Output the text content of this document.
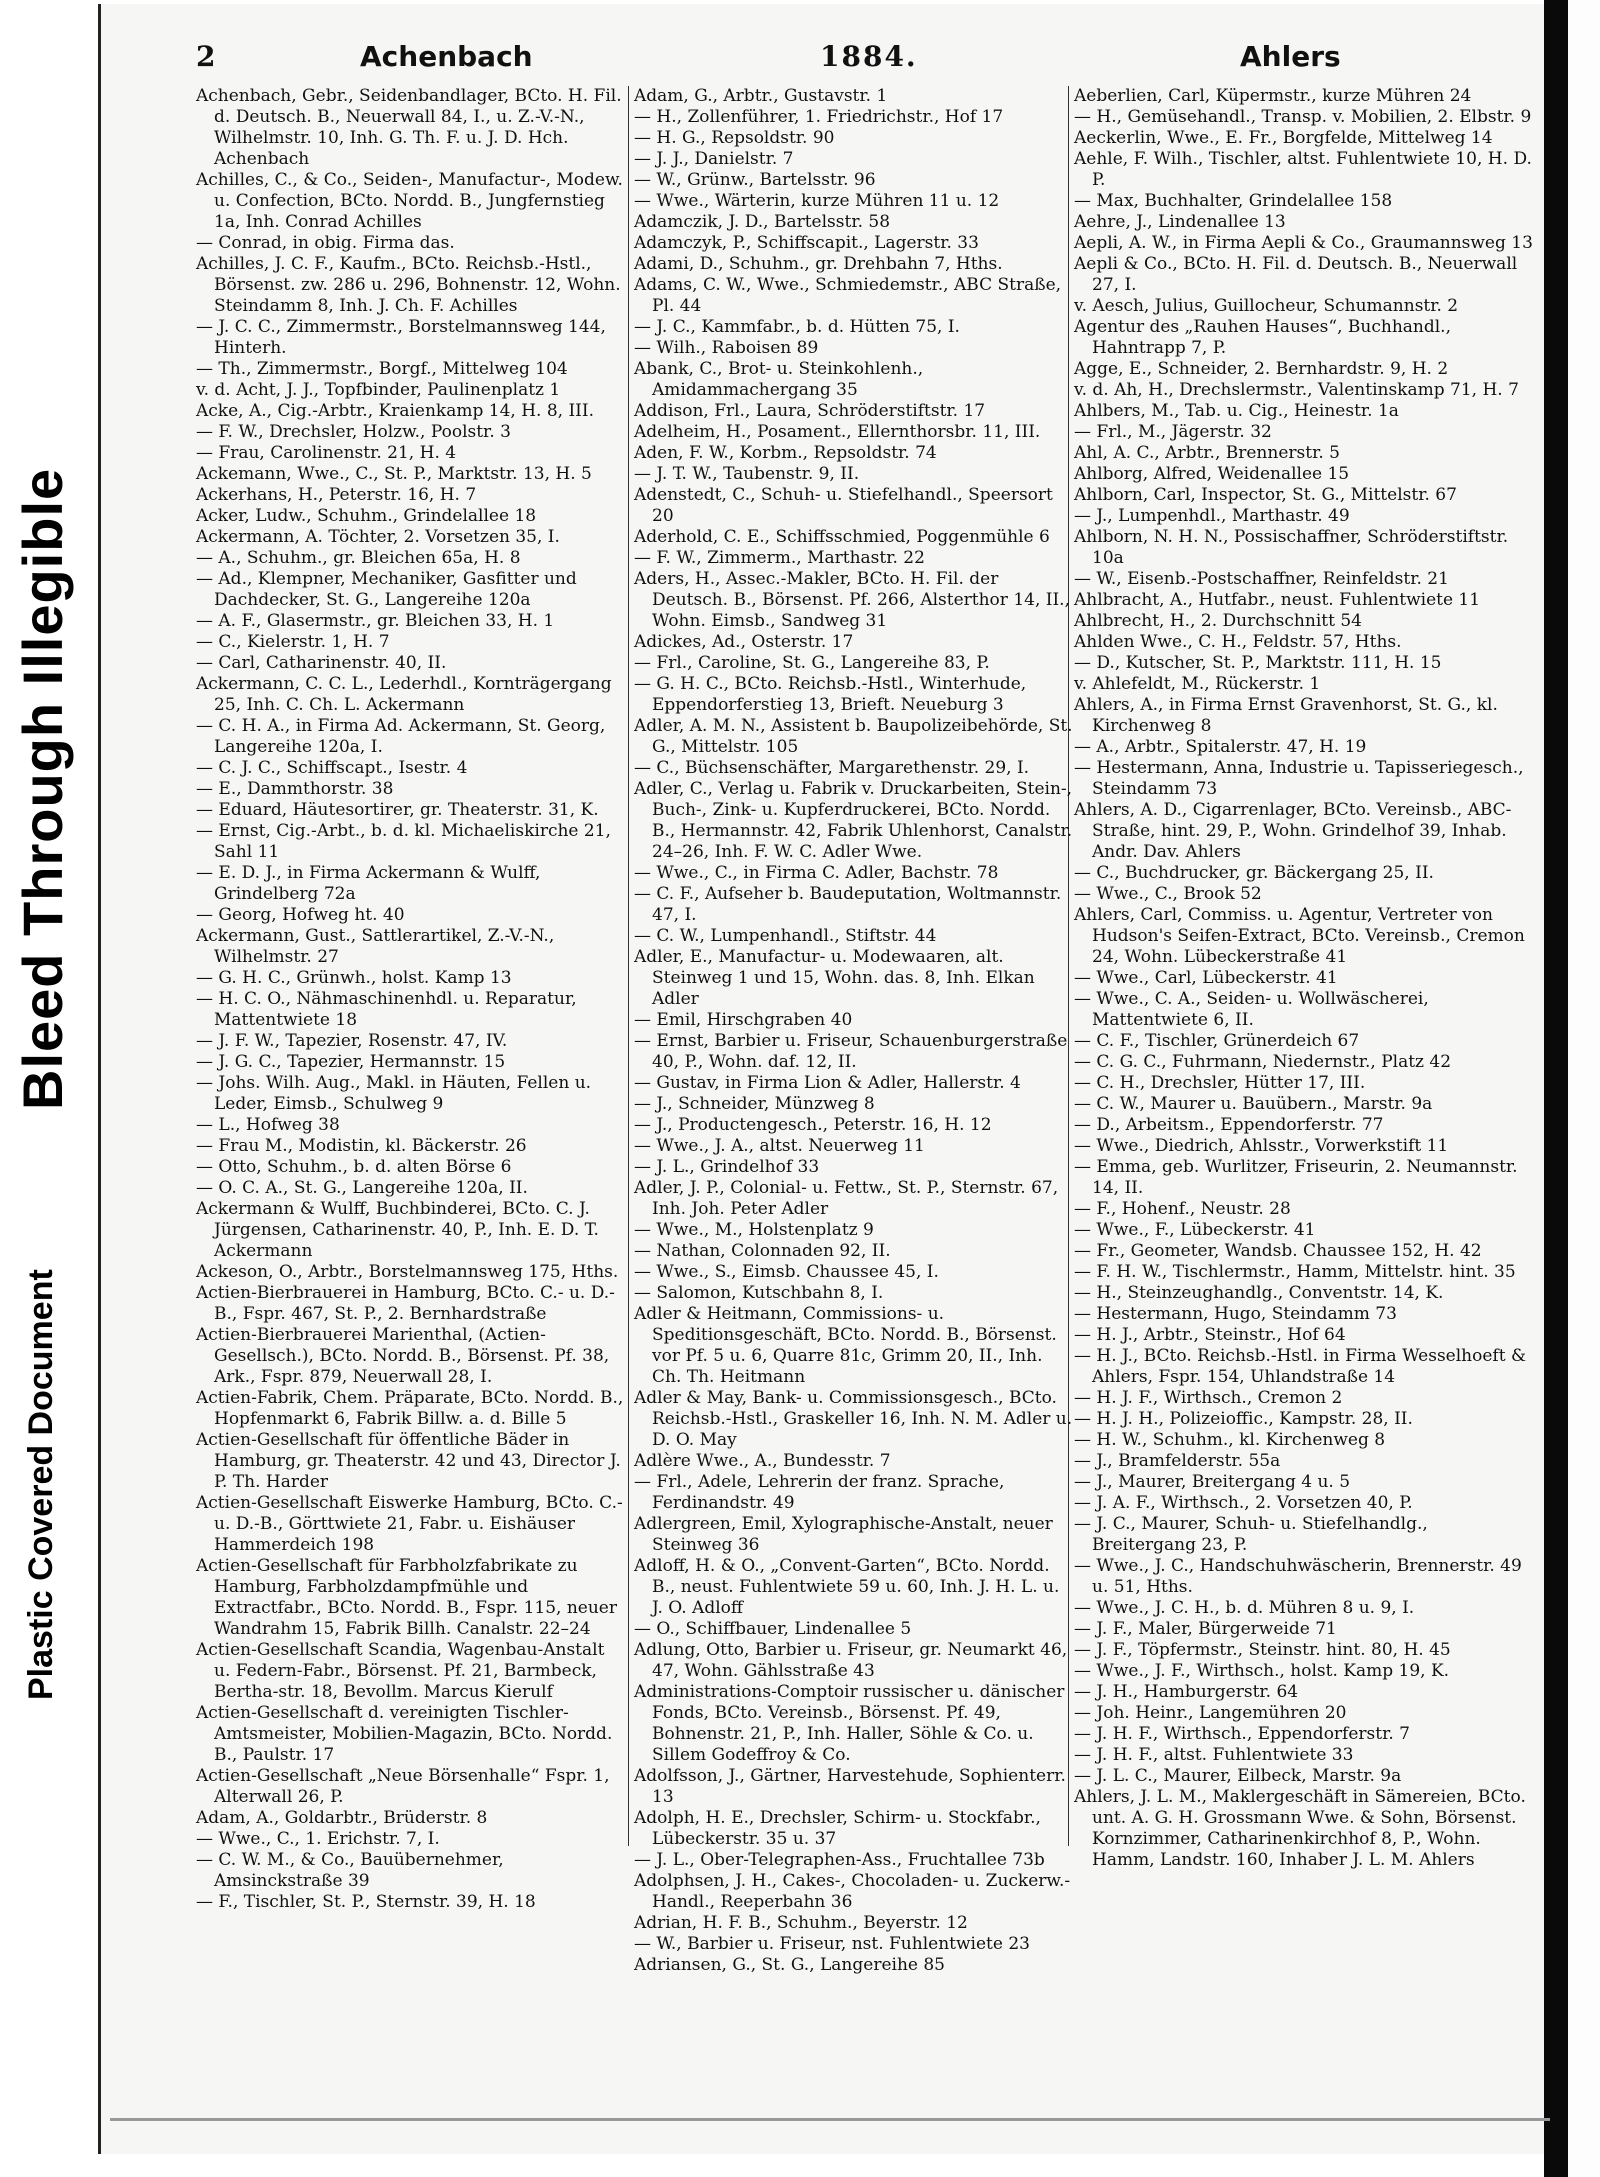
Bleed Through Illegible
Plastic Covered Document
2	Achenbach	1884.	Ahlers

Achenbach, Gebr., Seidenbandlager, BCto. H. Fil. d. Deutsch. B., Neuerwall 84, I., u. Z.-V.-N., Wilhelmstr. 10, Inh. G. Th. F. u. J. D. Hch. Achenbach

Achilles, C., & Co., Seiden-, Manufactur-, Modew. u. Confection, BCto. Nordd. B., Jungfernstieg 1a, Inh. Conrad Achilles

— Conrad, in obig. Firma das.

Achilles, J. C. F., Kaufm., BCto. Reichsb.-Hstl., Börsenst. zw. 286 u. 296, Bohnenstr. 12, Wohn. Steindamm 8, Inh. J. Ch. F. Achilles

— J. C. C., Zimmermstr., Borstelmannsweg 144, Hinterh.

— Th., Zimmermstr., Borgf., Mittelweg 104

v. d. Acht, J. J., Topfbinder, Paulinenplatz 1

Acke, A., Cig.-Arbtr., Kraienkamp 14, H. 8, III.

— F. W., Drechsler, Holzw., Poolstr. 3

— Frau, Carolinenstr. 21, H. 4

Ackemann, Wwe., C., St. P., Marktstr. 13, H. 5

Ackerhans, H., Peterstr. 16, H. 7

Acker, Ludw., Schuhm., Grindelallee 18

Ackermann, A. Töchter, 2. Vorsetzen 35, I.

— A., Schuhm., gr. Bleichen 65a, H. 8

— Ad., Klempner, Mechaniker, Gasfitter und Dachdecker, St. G., Langereihe 120a

— A. F., Glasermstr., gr. Bleichen 33, H. 1

— C., Kielerstr. 1, H. 7

— Carl, Catharinenstr. 40, II.

Ackermann, C. C. L., Lederhdl., Kornträgergang 25, Inh. C. Ch. L. Ackermann

— C. H. A., in Firma Ad. Ackermann, St. Georg, Langereihe 120a, I.

— C. J. C., Schiffscapt., Isestr. 4

— E., Dammthorstr. 38

— Eduard, Häutesortirer, gr. Theaterstr. 31, K.

— Ernst, Cig.-Arbt., b. d. kl. Michaeliskirche 21, Sahl 11

— E. D. J., in Firma Ackermann & Wulff, Grindelberg 72a

— Georg, Hofweg ht. 40

Ackermann, Gust., Sattlerartikel, Z.-V.-N., Wilhelmstr. 27

— G. H. C., Grünwh., holst. Kamp 13

— H. C. O., Nähmaschinenhdl. u. Reparatur, Mattentwiete 18

— J. F. W., Tapezier, Rosenstr. 47, IV.

— J. G. C., Tapezier, Hermannstr. 15

— Johs. Wilh. Aug., Makl. in Häuten, Fellen u. Leder, Eimsb., Schulweg 9

— L., Hofweg 38

— Frau M., Modistin, kl. Bäckerstr. 26

— Otto, Schuhm., b. d. alten Börse 6

— O. C. A., St. G., Langereihe 120a, II.

Ackermann & Wulff, Buchbinderei, BCto. C. J. Jürgensen, Catharinenstr. 40, P., Inh. E. D. T. Ackermann

Ackeson, O., Arbtr., Borstelmannsweg 175, Hths.

Actien-Bierbrauerei in Hamburg, BCto. C.- u. D.-B., Fspr. 467, St. P., 2. Bernhardstraße

Actien-Bierbrauerei Marienthal, (Actien-Gesellsch.), BCto. Nordd. B., Börsenst. Pf. 38, Ark., Fspr. 879, Neuerwall 28, I.

Actien-Fabrik, Chem. Präparate, BCto. Nordd. B., Hopfenmarkt 6, Fabrik Billw. a. d. Bille 5

Actien-Gesellschaft für öffentliche Bäder in Hamburg, gr. Theaterstr. 42 und 43, Director J. P. Th. Harder

Actien-Gesellschaft Eiswerke Hamburg, BCto. C.- u. D.-B., Görttwiete 21, Fabr. u. Eishäuser Hammerdeich 198

Actien-Gesellschaft für Farbholzfabrikate zu Hamburg, Farbholzdampfmühle und Extractfabr., BCto. Nordd. B., Fspr. 115, neuer Wandrahm 15, Fabrik Billh. Canalstr. 22–24

Actien-Gesellschaft Scandia, Wagenbau-Anstalt u. Federn-Fabr., Börsenst. Pf. 21, Barmbeck, Bertha-str. 18, Bevollm. Marcus Kierulf

Actien-Gesellschaft d. vereinigten Tischler-Amtsmeister, Mobilien-Magazin, BCto. Nordd. B., Paulstr. 17

Actien-Gesellschaft „Neue Börsenhalle“ Fspr. 1, Alterwall 26, P.

Adam, A., Goldarbtr., Brüderstr. 8

— Wwe., C., 1. Erichstr. 7, I.

— C. W. M., & Co., Bauübernehmer, Amsinckstraße 39

— F., Tischler, St. P., Sternstr. 39, H. 18

Adam, G., Arbtr., Gustavstr. 1

— H., Zollenführer, 1. Friedrichstr., Hof 17

— H. G., Repsoldstr. 90

— J. J., Danielstr. 7

— W., Grünw., Bartelsstr. 96

— Wwe., Wärterin, kurze Mühren 11 u. 12

Adamczik, J. D., Bartelsstr. 58

Adamczyk, P., Schiffscapit., Lagerstr. 33

Adami, D., Schuhm., gr. Drehbahn 7, Hths.

Adams, C. W., Wwe., Schmiedemstr., ABC Straße, Pl. 44

— J. C., Kammfabr., b. d. Hütten 75, I.

— Wilh., Raboisen 89

Abank, C., Brot- u. Steinkohlenh., Amidammachergang 35

Addison, Frl., Laura, Schröderstiftstr. 17

Adelheim, H., Posament., Ellernthorsbr. 11, III.

Aden, F. W., Korbm., Repsoldstr. 74

— J. T. W., Taubenstr. 9, II.

Adenstedt, C., Schuh- u. Stiefelhandl., Speersort 20

Aderhold, C. E., Schiffsschmied, Poggenmühle 6

— F. W., Zimmerm., Marthastr. 22

Aders, H., Assec.-Makler, BCto. H. Fil. der Deutsch. B., Börsenst. Pf. 266, Alsterthor 14, II., Wohn. Eimsb., Sandweg 31

Adickes, Ad., Osterstr. 17

— Frl., Caroline, St. G., Langereihe 83, P.

— G. H. C., BCto. Reichsb.-Hstl., Winterhude, Eppendorferstieg 13, Brieft. Neueburg 3

Adler, A. M. N., Assistent b. Baupolizeibehörde, St. G., Mittelstr. 105

— C., Büchsenschäfter, Margarethenstr. 29, I.

Adler, C., Verlag u. Fabrik v. Druckarbeiten, Stein-, Buch-, Zink- u. Kupferdruckerei, BCto. Nordd. B., Hermannstr. 42, Fabrik Uhlenhorst, Canalstr. 24–26, Inh. F. W. C. Adler Wwe.

— Wwe., C., in Firma C. Adler, Bachstr. 78

— C. F., Aufseher b. Baudeputation, Woltmannstr. 47, I.

— C. W., Lumpenhandl., Stiftstr. 44

Adler, E., Manufactur- u. Modewaaren, alt. Steinweg 1 und 15, Wohn. das. 8, Inh. Elkan Adler

— Emil, Hirschgraben 40

— Ernst, Barbier u. Friseur, Schauenburgerstraße 40, P., Wohn. daf. 12, II.

— Gustav, in Firma Lion & Adler, Hallerstr. 4

— J., Schneider, Münzweg 8

— J., Productengesch., Peterstr. 16, H. 12

— Wwe., J. A., altst. Neuerweg 11

— J. L., Grindelhof 33

Adler, J. P., Colonial- u. Fettw., St. P., Sternstr. 67, Inh. Joh. Peter Adler

— Wwe., M., Holstenplatz 9

— Nathan, Colonnaden 92, II.

— Wwe., S., Eimsb. Chaussee 45, I.

— Salomon, Kutschbahn 8, I.

Adler & Heitmann, Commissions- u. Speditionsgeschäft, BCto. Nordd. B., Börsenst. vor Pf. 5 u. 6, Quarre 81c, Grimm 20, II., Inh. Ch. Th. Heitmann

Adler & May, Bank- u. Commissionsgesch., BCto. Reichsb.-Hstl., Graskeller 16, Inh. N. M. Adler u. D. O. May

Adlère Wwe., A., Bundesstr. 7

— Frl., Adele, Lehrerin der franz. Sprache, Ferdinandstr. 49

Adlergreen, Emil, Xylographische-Anstalt, neuer Steinweg 36

Adloff, H. & O., „Convent-Garten“, BCto. Nordd. B., neust. Fuhlentwiete 59 u. 60, Inh. J. H. L. u. J. O. Adloff

— O., Schiffbauer, Lindenallee 5

Adlung, Otto, Barbier u. Friseur, gr. Neumarkt 46, 47, Wohn. Gählsstraße 43

Administrations-Comptoir russischer u. dänischer Fonds, BCto. Vereinsb., Börsenst. Pf. 49, Bohnenstr. 21, P., Inh. Haller, Söhle & Co. u. Sillem Godeffroy & Co.

Adolfsson, J., Gärtner, Harvestehude, Sophienterr. 13

Adolph, H. E., Drechsler, Schirm- u. Stockfabr., Lübeckerstr. 35 u. 37

— J. L., Ober-Telegraphen-Ass., Fruchtallee 73b

Adolphsen, J. H., Cakes-, Chocoladen- u. Zuckerw.-Handl., Reeperbahn 36

Adrian, H. F. B., Schuhm., Beyerstr. 12

— W., Barbier u. Friseur, nst. Fuhlentwiete 23

Adriansen, G., St. G., Langereihe 85

Aeberlien, Carl, Küpermstr., kurze Mühren 24

— H., Gemüsehandl., Transp. v. Mobilien, 2. Elbstr. 9

Aeckerlin, Wwe., E. Fr., Borgfelde, Mittelweg 14

Aehle, F. Wilh., Tischler, altst. Fuhlentwiete 10, H. D. P.

— Max, Buchhalter, Grindelallee 158

Aehre, J., Lindenallee 13

Aepli, A. W., in Firma Aepli & Co., Graumannsweg 13

Aepli & Co., BCto. H. Fil. d. Deutsch. B., Neuerwall 27, I.

v. Aesch, Julius, Guillocheur, Schumannstr. 2

Agentur des „Rauhen Hauses“, Buchhandl., Hahntrapp 7, P.

Agge, E., Schneider, 2. Bernhardstr. 9, H. 2

v. d. Ah, H., Drechslermstr., Valentinskamp 71, H. 7

Ahlbers, M., Tab. u. Cig., Heinestr. 1a

— Frl., M., Jägerstr. 32

Ahl, A. C., Arbtr., Brennerstr. 5

Ahlborg, Alfred, Weidenallee 15

Ahlborn, Carl, Inspector, St. G., Mittelstr. 67

— J., Lumpenhdl., Marthastr. 49

Ahlborn, N. H. N., Possischaffner, Schröderstiftstr. 10a

— W., Eisenb.-Postschaffner, Reinfeldstr. 21

Ahlbracht, A., Hutfabr., neust. Fuhlentwiete 11

Ahlbrecht, H., 2. Durchschnitt 54

Ahlden Wwe., C. H., Feldstr. 57, Hths.

— D., Kutscher, St. P., Marktstr. 111, H. 15

v. Ahlefeldt, M., Rückerstr. 1

Ahlers, A., in Firma Ernst Gravenhorst, St. G., kl. Kirchenweg 8

— A., Arbtr., Spitalerstr. 47, H. 19

— Hestermann, Anna, Industrie u. Tapisseriegesch., Steindamm 73

Ahlers, A. D., Cigarrenlager, BCto. Vereinsb., ABC-Straße, hint. 29, P., Wohn. Grindelhof 39, Inhab. Andr. Dav. Ahlers

— C., Buchdrucker, gr. Bäckergang 25, II.

— Wwe., C., Brook 52

Ahlers, Carl, Commiss. u. Agentur, Vertreter von Hudson's Seifen-Extract, BCto. Vereinsb., Cremon 24, Wohn. Lübeckerstraße 41

— Wwe., Carl, Lübeckerstr. 41

— Wwe., C. A., Seiden- u. Wollwäscherei, Mattentwiete 6, II.

— C. F., Tischler, Grünerdeich 67

— C. G. C., Fuhrmann, Niedernstr., Platz 42

— C. H., Drechsler, Hütter 17, III.

— C. W., Maurer u. Bauübern., Marstr. 9a

— D., Arbeitsm., Eppendorferstr. 77

— Wwe., Diedrich, Ahlsstr., Vorwerkstift 11

— Emma, geb. Wurlitzer, Friseurin, 2. Neumannstr. 14, II.

— F., Hohenf., Neustr. 28

— Wwe., F., Lübeckerstr. 41

— Fr., Geometer, Wandsb. Chaussee 152, H. 42

— F. H. W., Tischlermstr., Hamm, Mittelstr. hint. 35

— H., Steinzeughandlg., Conventstr. 14, K.

— Hestermann, Hugo, Steindamm 73

— H. J., Arbtr., Steinstr., Hof 64

— H. J., BCto. Reichsb.-Hstl. in Firma Wesselhoeft & Ahlers, Fspr. 154, Uhlandstraße 14

— H. J. F., Wirthsch., Cremon 2

— H. J. H., Polizeioffic., Kampstr. 28, II.

— H. W., Schuhm., kl. Kirchenweg 8

— J., Bramfelderstr. 55a

— J., Maurer, Breitergang 4 u. 5

— J. A. F., Wirthsch., 2. Vorsetzen 40, P.

— J. C., Maurer, Schuh- u. Stiefelhandlg., Breitergang 23, P.

— Wwe., J. C., Handschuhwäscherin, Brennerstr. 49 u. 51, Hths.

— Wwe., J. C. H., b. d. Mühren 8 u. 9, I.

— J. F., Maler, Bürgerweide 71

— J. F., Töpfermstr., Steinstr. hint. 80, H. 45

— Wwe., J. F., Wirthsch., holst. Kamp 19, K.

— J. H., Hamburgerstr. 64

— Joh. Heinr., Langemühren 20

— J. H. F., Wirthsch., Eppendorferstr. 7

— J. H. F., altst. Fuhlentwiete 33

— J. L. C., Maurer, Eilbeck, Marstr. 9a

Ahlers, J. L. M., Maklergeschäft in Sämereien, BCto. unt. A. G. H. Grossmann Wwe. & Sohn, Börsenst. Kornzimmer, Catharinenkirchhof 8, P., Wohn. Hamm, Landstr. 160, Inhaber J. L. M. Ahlers
